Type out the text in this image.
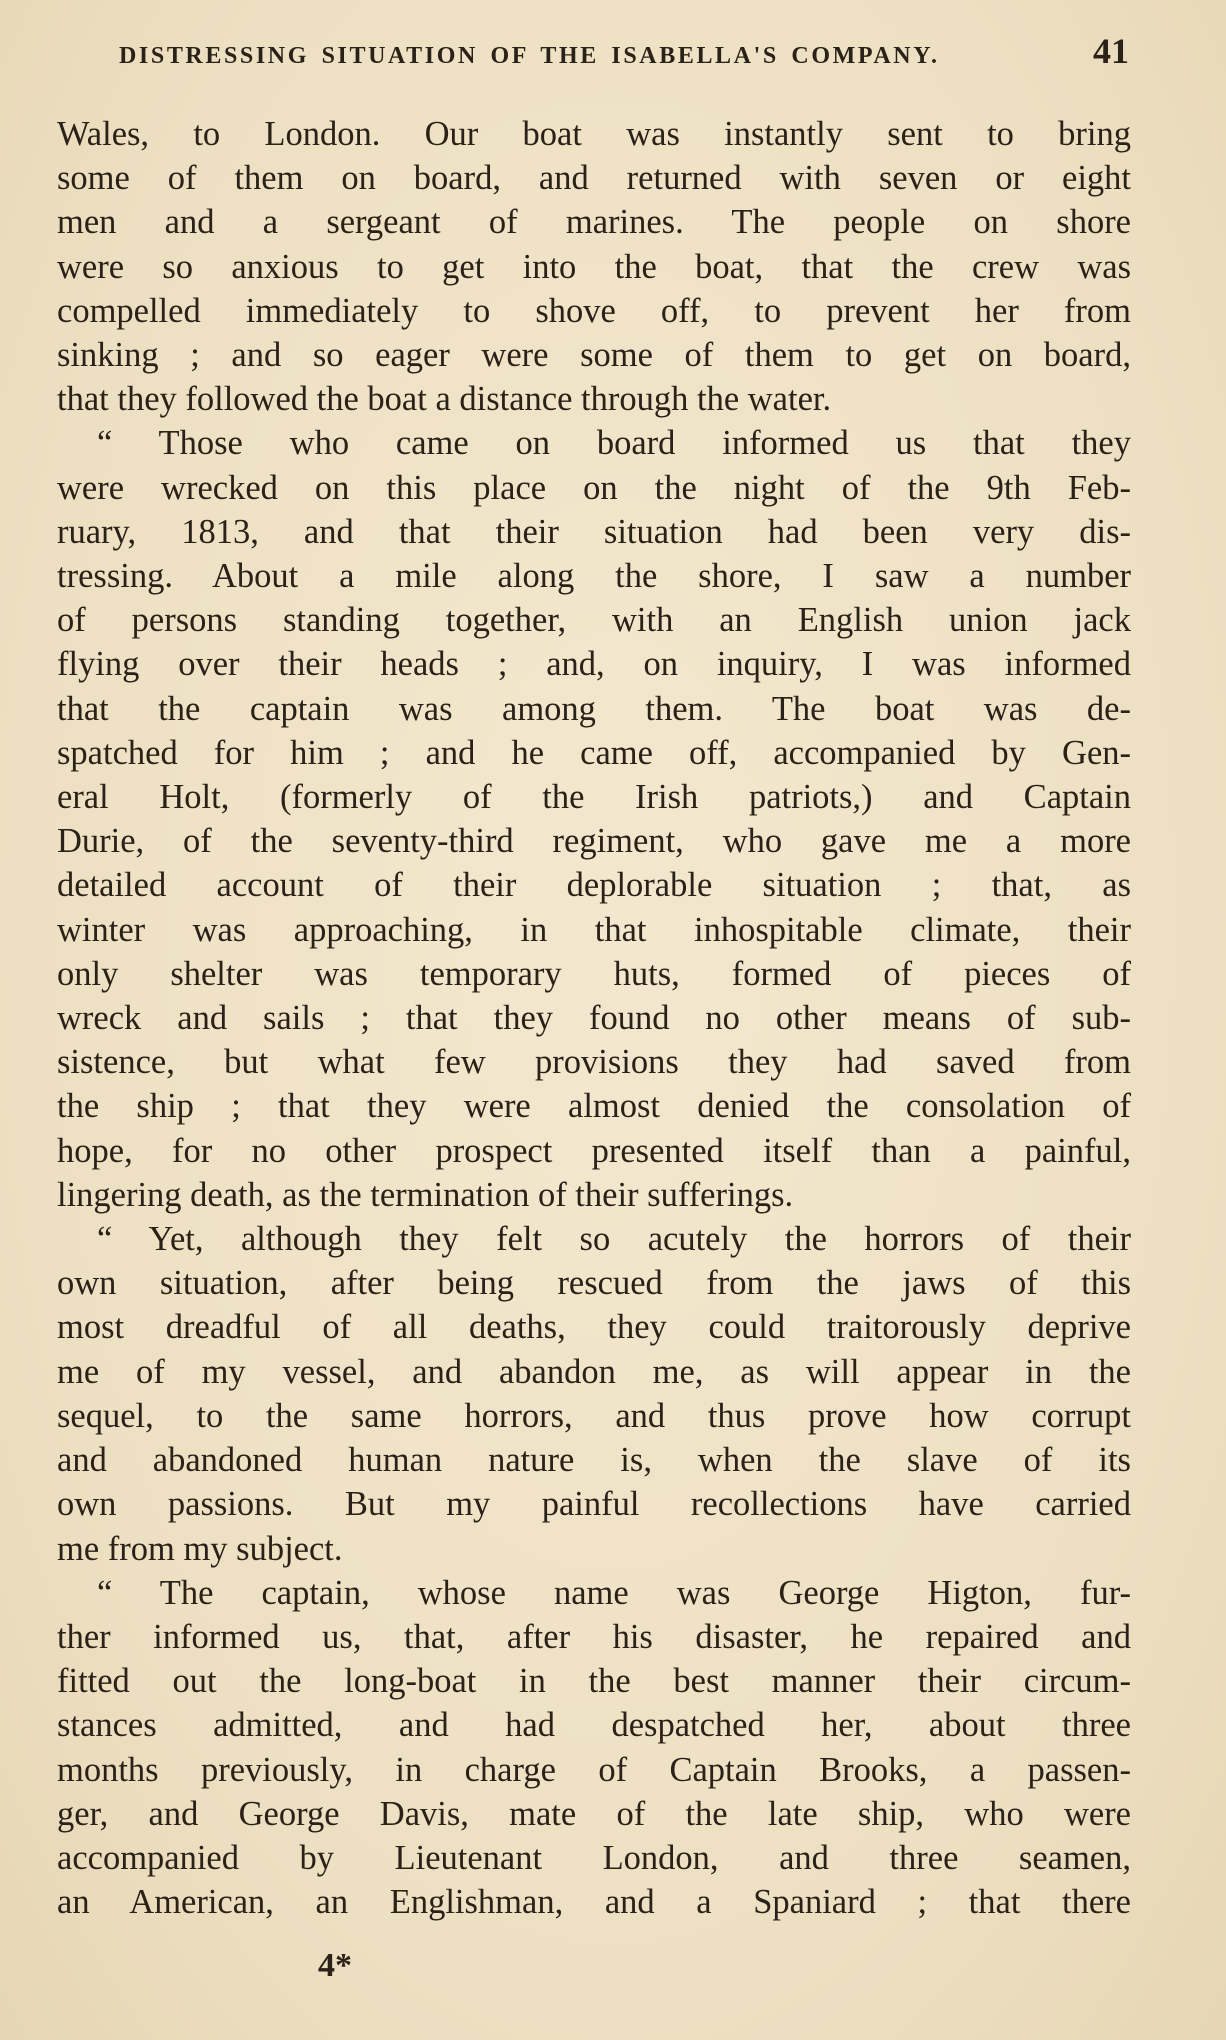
DISTRESSING SITUATION OF THE ISABELLA'S COMPANY.	41
Wales, to London. Our boat was instantly sent to bring
some of them on board, and returned with seven or eight
men and a sergeant of marines. The people on shore
were so anxious to get into the boat, that the crew was
compelled immediately to shove off, to prevent her from
sinking ; and so eager were some of them to get on board,
that they followed the boat a distance through the water.
“ Those who came on board informed us that they
were wrecked on this place on the night of the 9th Feb-
ruary, 1813, and that their situation had been very dis-
tressing. About a mile along the shore, I saw a number
of persons standing together, with an English union jack
flying over their heads ; and, on inquiry, I was informed
that the captain was among them. The boat was de-
spatched for him ; and he came off, accompanied by Gen-
eral Holt, (formerly of the Irish patriots,) and Captain
Durie, of the seventy-third regiment, who gave me a more
detailed account of their deplorable situation ; that, as
winter was approaching, in that inhospitable climate, their
only shelter was temporary huts, formed of pieces of
wreck and sails ; that they found no other means of sub-
sistence, but what few provisions they had saved from
the ship ; that they were almost denied the consolation of
hope, for no other prospect presented itself than a painful,
lingering death, as the termination of their sufferings.
“ Yet, although they felt so acutely the horrors of their
own situation, after being rescued from the jaws of this
most dreadful of all deaths, they could traitorously deprive
me of my vessel, and abandon me, as will appear in the
sequel, to the same horrors, and thus prove how corrupt
and abandoned human nature is, when the slave of its
own passions. But my painful recollections have carried
me from my subject.
“ The captain, whose name was George Higton, fur-
ther informed us, that, after his disaster, he repaired and
fitted out the long-boat in the best manner their circum-
stances admitted, and had despatched her, about three
months previously, in charge of Captain Brooks, a passen-
ger, and George Davis, mate of the late ship, who were
accompanied by Lieutenant London, and three seamen,
an American, an Englishman, and a Spaniard ; that there
4*
